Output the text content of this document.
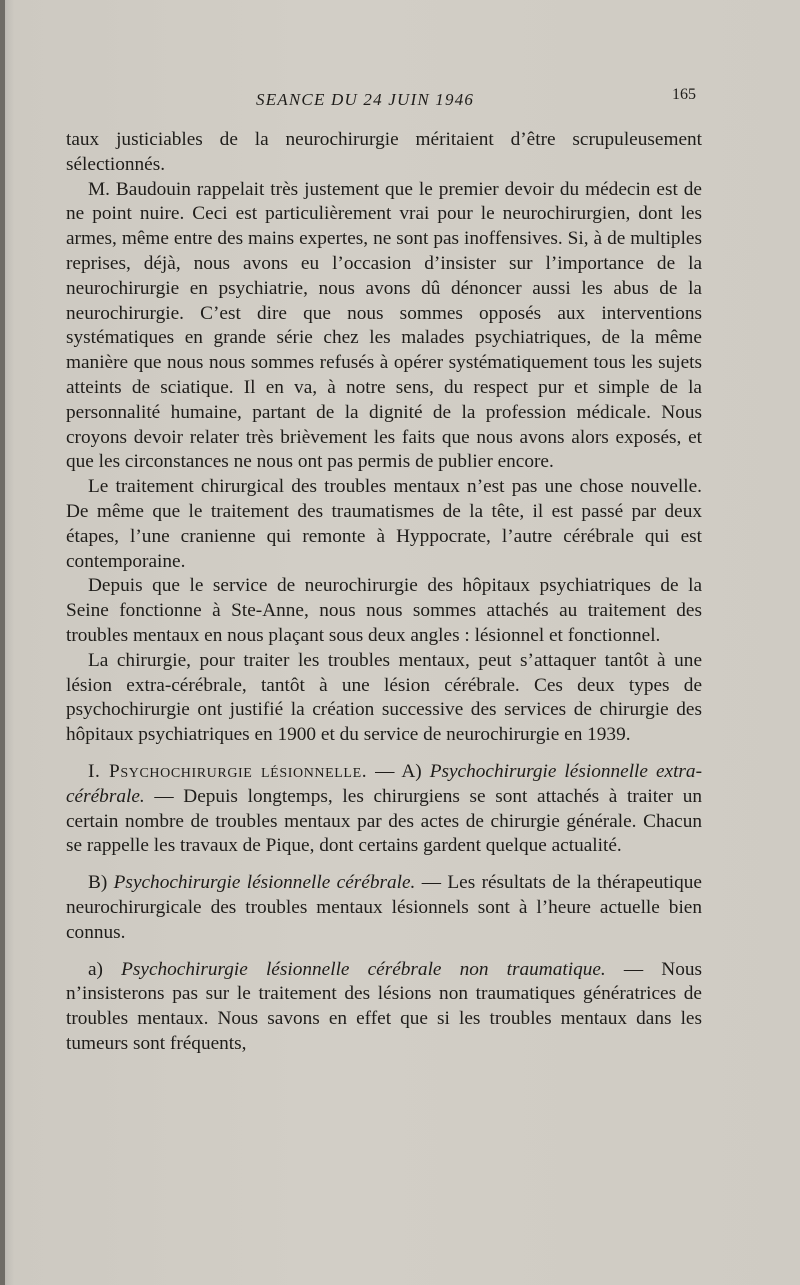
SEANCE DU 24 JUIN 1946	165

taux justiciables de la neurochirurgie méritaient d’être scrupuleusement sélectionnés.

M. Baudouin rappelait très justement que le premier devoir du médecin est de ne point nuire. Ceci est particulièrement vrai pour le neurochirurgien, dont les armes, même entre des mains expertes, ne sont pas inoffensives. Si, à de multiples reprises, déjà, nous avons eu l’occasion d’insister sur l’importance de la neurochirurgie en psychiatrie, nous avons dû dénoncer aussi les abus de la neurochirurgie. C’est dire que nous sommes opposés aux interventions systématiques en grande série chez les malades psychiatriques, de la même manière que nous nous sommes refusés à opérer systématiquement tous les sujets atteints de sciatique. Il en va, à notre sens, du respect pur et simple de la personnalité humaine, partant de la dignité de la profession médicale. Nous croyons devoir relater très brièvement les faits que nous avons alors exposés, et que les circonstances ne nous ont pas permis de publier encore.

Le traitement chirurgical des troubles mentaux n’est pas une chose nouvelle. De même que le traitement des traumatismes de la tête, il est passé par deux étapes, l’une cranienne qui remonte à Hyppocrate, l’autre cérébrale qui est contemporaine.

Depuis que le service de neurochirurgie des hôpitaux psychiatriques de la Seine fonctionne à Ste-Anne, nous nous sommes attachés au traitement des troubles mentaux en nous plaçant sous deux angles : lésionnel et fonctionnel.

La chirurgie, pour traiter les troubles mentaux, peut s’attaquer tantôt à une lésion extra-cérébrale, tantôt à une lésion cérébrale. Ces deux types de psychochirurgie ont justifié la création successive des services de chirurgie des hôpitaux psychiatriques en 1900 et du service de neurochirurgie en 1939.

I. Psychochirurgie lésionnelle. — A) Psychochirurgie lésionnelle extra-cérébrale. — Depuis longtemps, les chirurgiens se sont attachés à traiter un certain nombre de troubles mentaux par des actes de chirurgie générale. Chacun se rappelle les travaux de Pique, dont certains gardent quelque actualité.

B) Psychochirurgie lésionnelle cérébrale. — Les résultats de la thérapeutique neurochirurgicale des troubles mentaux lésionnels sont à l’heure actuelle bien connus.

a) Psychochirurgie lésionnelle cérébrale non traumatique. — Nous n’insisterons pas sur le traitement des lésions non traumatiques génératrices de troubles mentaux. Nous savons en effet que si les troubles mentaux dans les tumeurs sont fréquents,
